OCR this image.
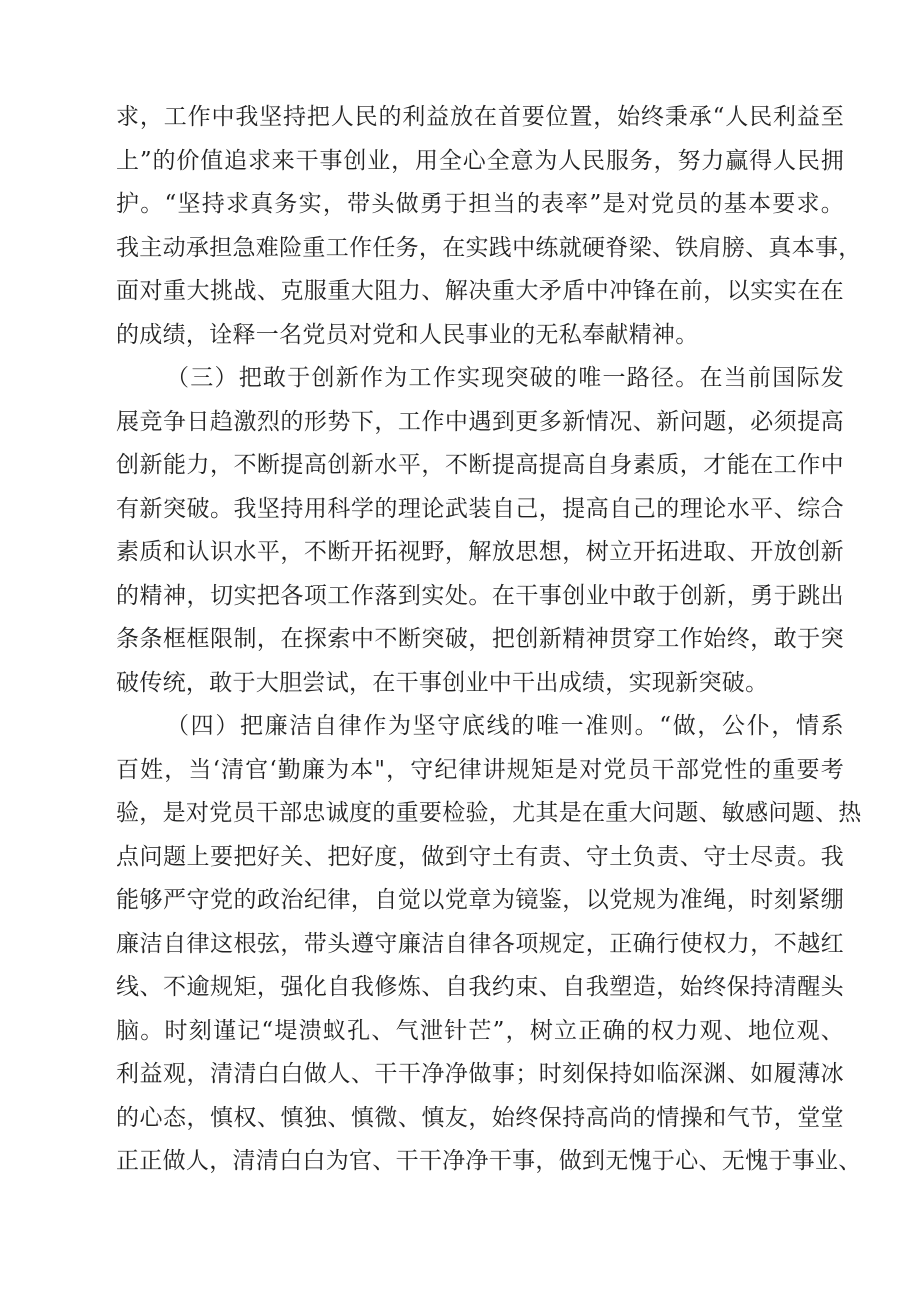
求，工作中我坚持把人民的利益放在首要位置，始终秉承“人民利益至
上”的价值追求来干事创业，用全心全意为人民服务，努力赢得人民拥
护。“坚持求真务实，带头做勇于担当的表率”是对党员的基本要求。
我主动承担急难险重工作任务，在实践中练就硬脊梁、铁肩膀、真本事，
面对重大挑战、克服重大阻力、解决重大矛盾中冲锋在前，以实实在在
的成绩，诠释一名党员对党和人民事业的无私奉献精神。
（三）把敢于创新作为工作实现突破的唯一路径。在当前国际发
展竞争日趋激烈的形势下，工作中遇到更多新情况、新问题，必须提高
创新能力，不断提高创新水平，不断提高提高自身素质，才能在工作中
有新突破。我坚持用科学的理论武装自己，提高自己的理论水平、综合
素质和认识水平，不断开拓视野，解放思想，树立开拓进取、开放创新
的精神，切实把各项工作落到实处。在干事创业中敢于创新，勇于跳出
条条框框限制，在探索中不断突破，把创新精神贯穿工作始终，敢于突
破传统，敢于大胆尝试，在干事创业中干出成绩，实现新突破。
（四）把廉洁自律作为坚守底线的唯一准则。“做，公仆，情系
百姓，当‘清官‘勤廉为本"，守纪律讲规矩是对党员干部党性的重要考
验，是对党员干部忠诚度的重要检验，尤其是在重大问题、敏感问题、热
点问题上要把好关、把好度，做到守土有责、守土负责、守士尽责。我
能够严守党的政治纪律，自觉以党章为镜鉴，以党规为准绳，时刻紧绷
廉洁自律这根弦，带头遵守廉洁自律各项规定，正确行使权力，不越红
线、不逾规矩，强化自我修炼、自我约束、自我塑造，始终保持清醒头
脑。时刻谨记“堤溃蚁孔、气泄针芒”，树立正确的权力观、地位观、
利益观，清清白白做人、干干净净做事；时刻保持如临深渊、如履薄冰
的心态，慎权、慎独、慎微、慎友，始终保持高尚的情操和气节，堂堂
正正做人，清清白白为官、干干净净干事，做到无愧于心、无愧于事业、
